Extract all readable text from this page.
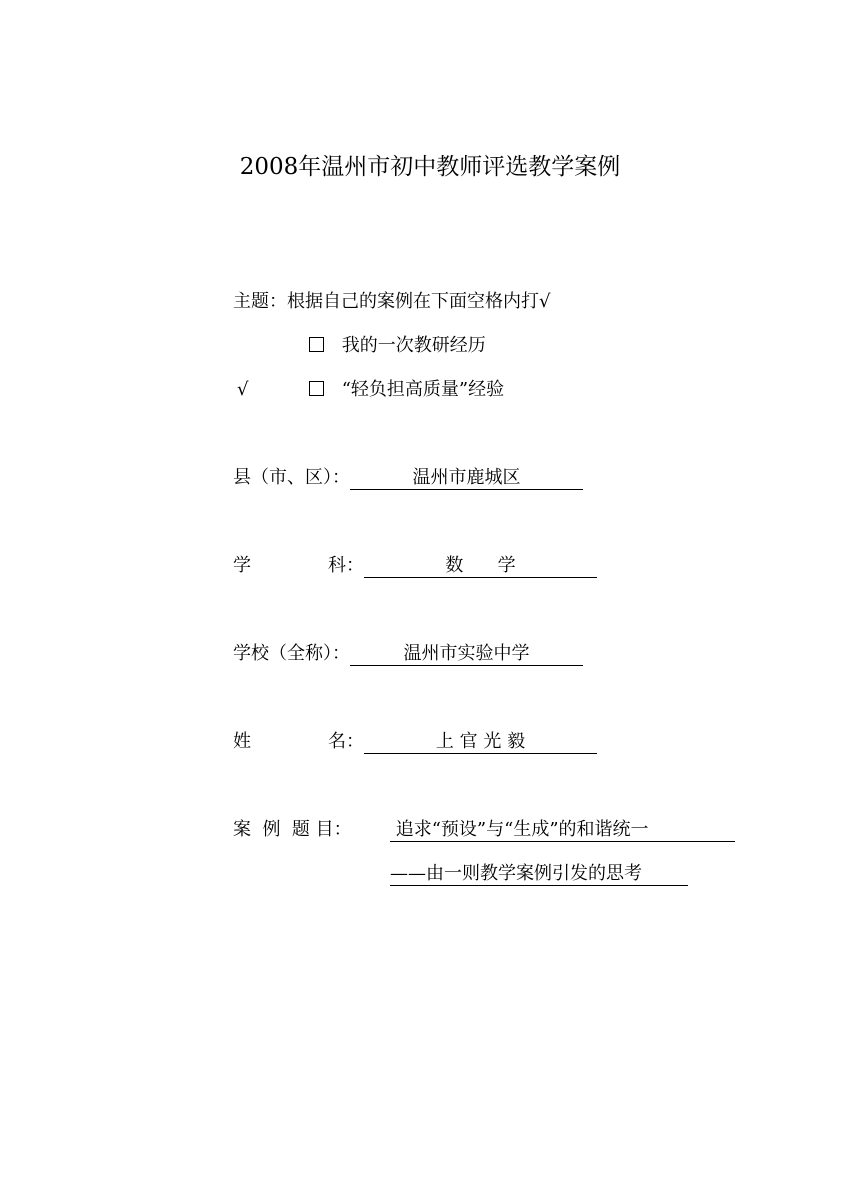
2008年温州市初中教师评选教学案例
主题：根据自己的案例在下面空格内打√
我的一次教研经历
√	“轻负担高质量”经验
县（市、区）：	温州市鹿城区
学	科：	数      学
学校（全称）：	温州市实验中学
姓	名：	上 官 光 毅
案  例  题 目： 追求“预设”与“生成”的和谐统一
——由一则教学案例引发的思考
